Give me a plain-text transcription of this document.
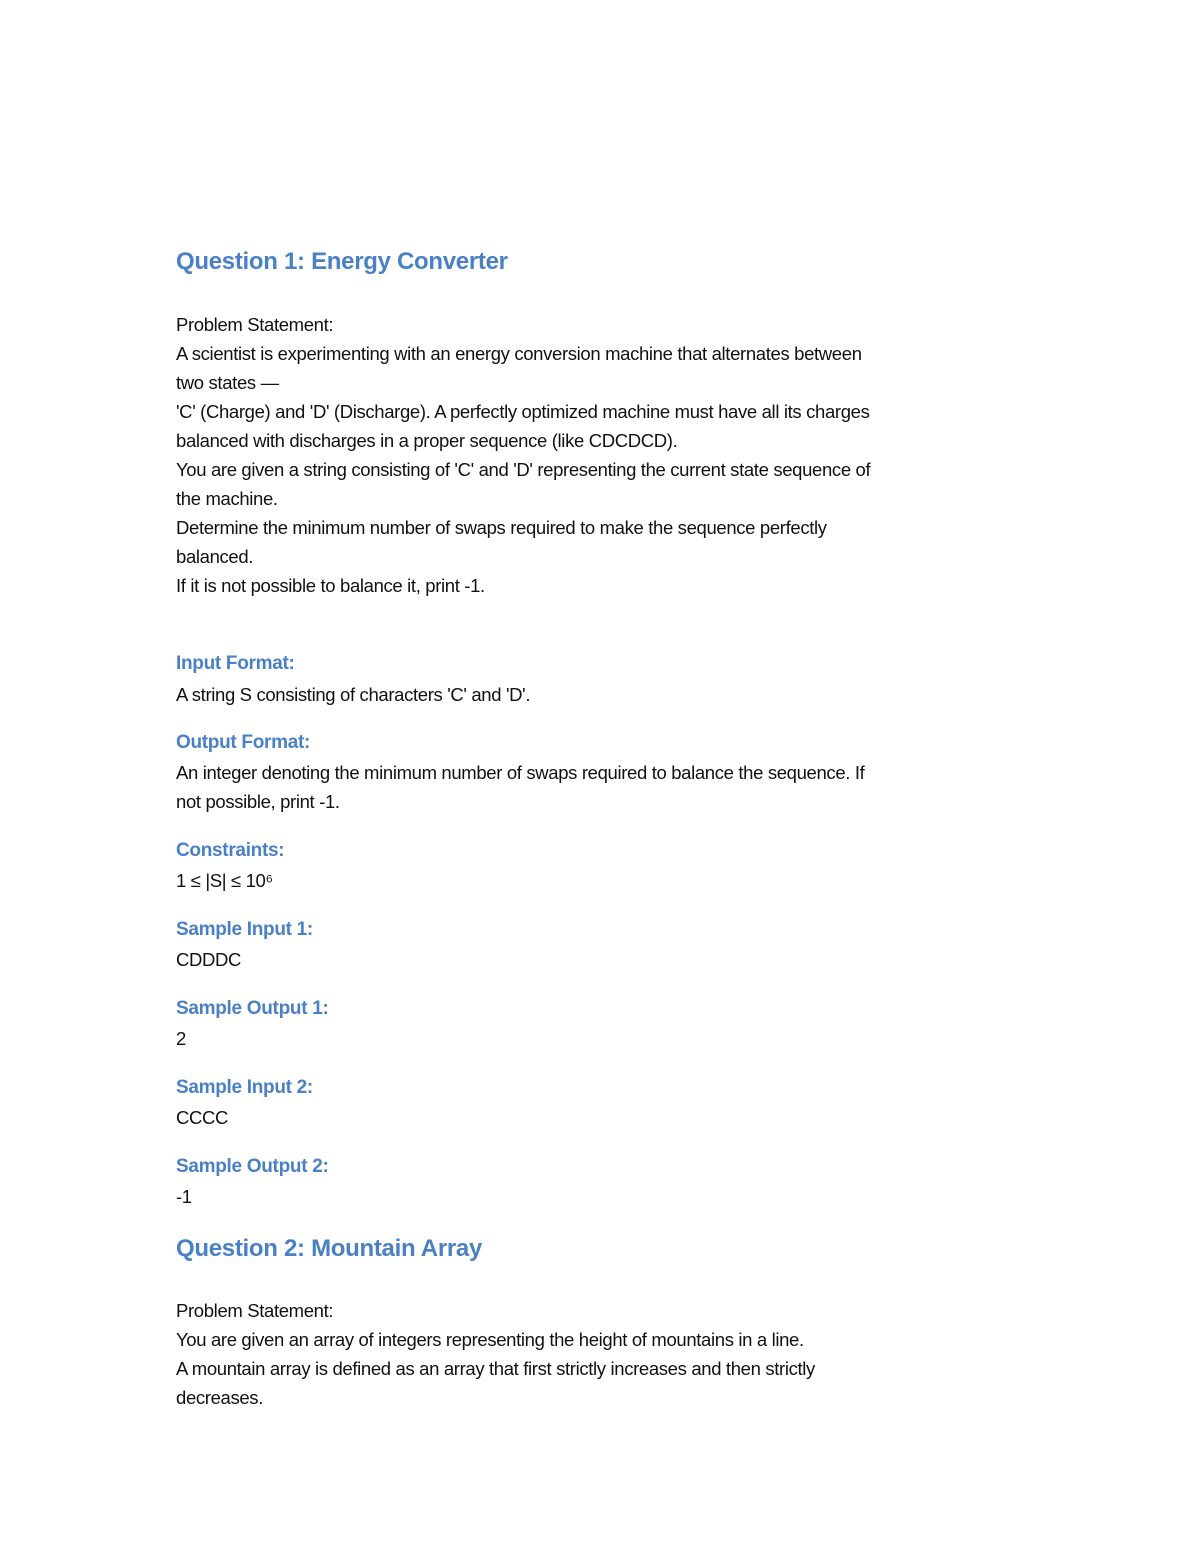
Question 1: Energy Converter
Problem Statement:
A scientist is experimenting with an energy conversion machine that alternates between
two states —
'C' (Charge) and 'D' (Discharge). A perfectly optimized machine must have all its charges
balanced with discharges in a proper sequence (like CDCDCD).
You are given a string consisting of 'C' and 'D' representing the current state sequence of
the machine.
Determine the minimum number of swaps required to make the sequence perfectly
balanced.
If it is not possible to balance it, print -1.
Input Format:
A string S consisting of characters 'C' and 'D'.
Output Format:
An integer denoting the minimum number of swaps required to balance the sequence. If
not possible, print -1.
Constraints:
1 ≤ |S| ≤ 10⁶
Sample Input 1:
CDDDC
Sample Output 1:
2
Sample Input 2:
CCCC
Sample Output 2:
-1
Question 2: Mountain Array
Problem Statement:
You are given an array of integers representing the height of mountains in a line.
A mountain array is defined as an array that first strictly increases and then strictly
decreases.
